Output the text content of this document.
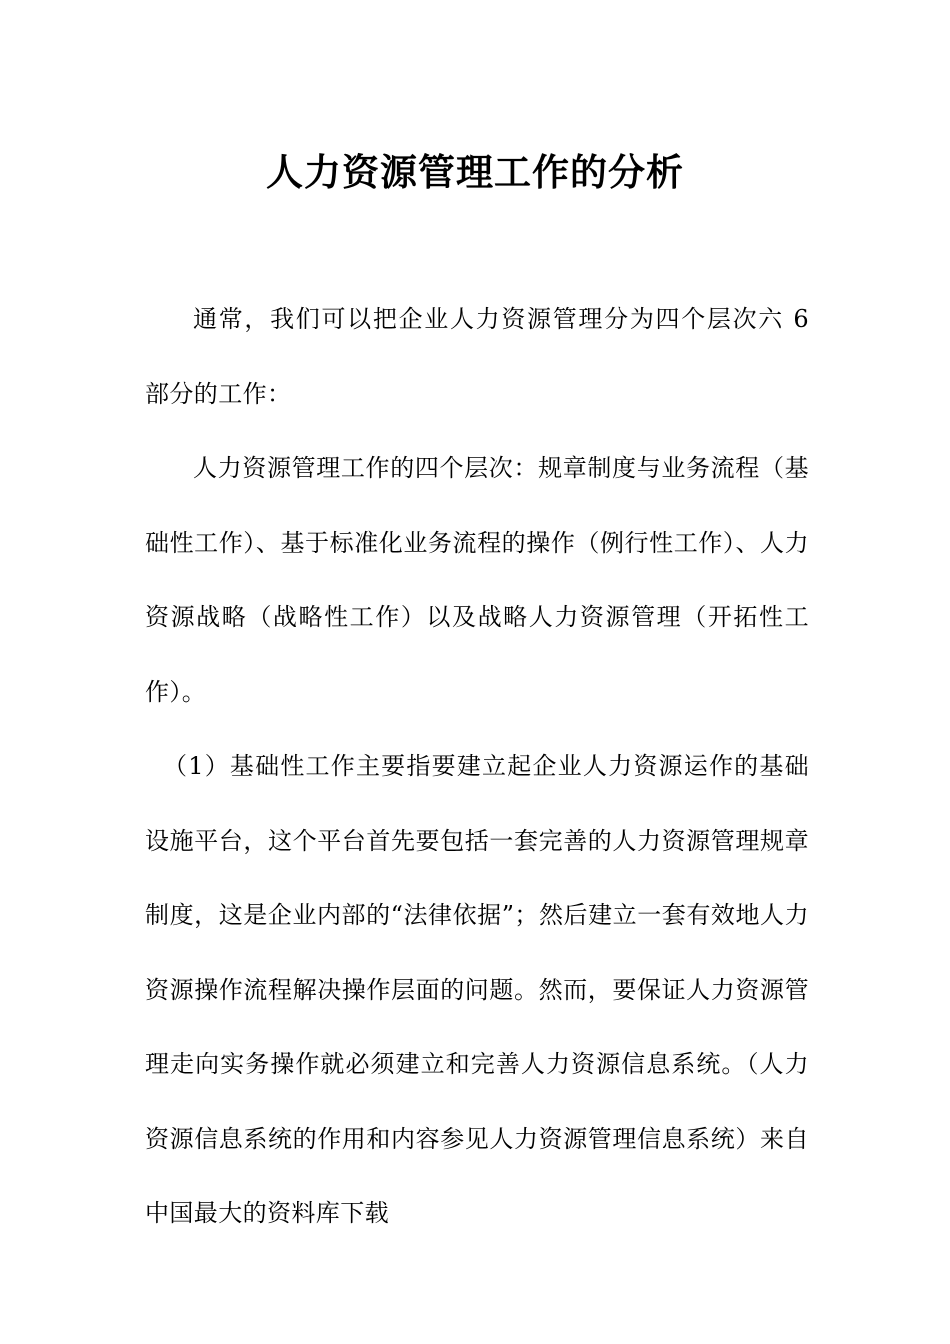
人力资源管理工作的分析

通常，我们可以把企业人力资源管理分为四个层次六 6 部分的工作：

人力资源管理工作的四个层次：规章制度与业务流程（基础性工作）、基于标准化业务流程的操作（例行性工作）、人力资源战略（战略性工作）以及战略人力资源管理（开拓性工作）。

（1）基础性工作主要指要建立起企业人力资源运作的基础设施平台，这个平台首先要包括一套完善的人力资源管理规章制度，这是企业内部的“法律依据”；然后建立一套有效地人力资源操作流程解决操作层面的问题。然而，要保证人力资源管理走向实务操作就必须建立和完善人力资源信息系统。（人力资源信息系统的作用和内容参见人力资源管理信息系统）来自　中国最大的资料库下载
